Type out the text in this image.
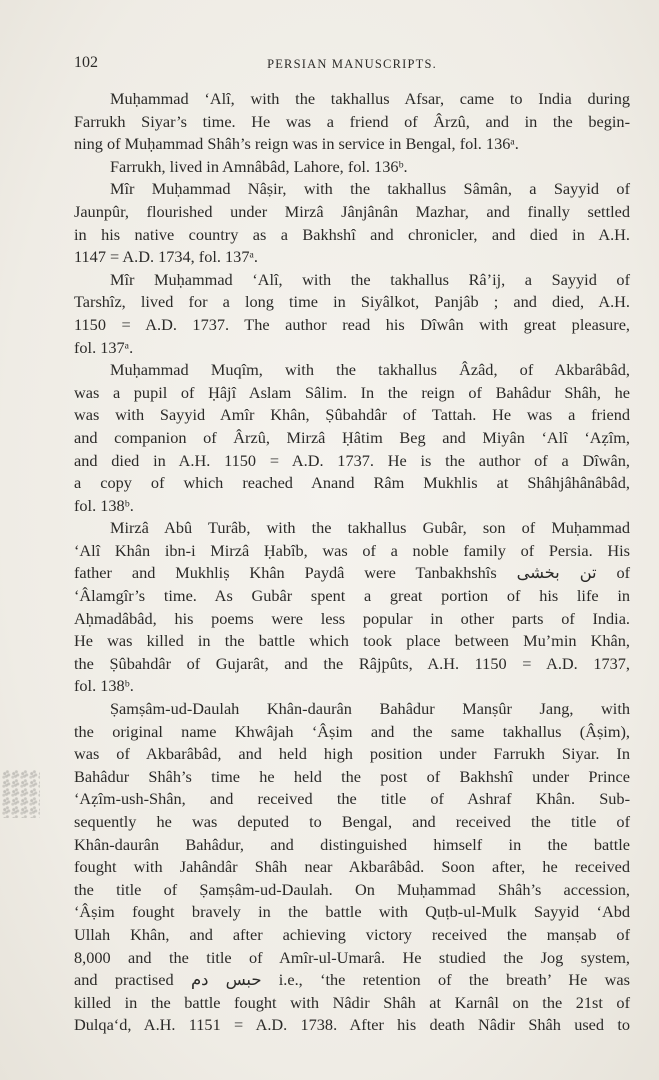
102	PERSIAN MANUSCRIPTS.
Muḥammad ‘Alî, with the takhallus Afsar, came to India during
Farrukh Siyar’s time. He was a friend of Ârzû, and in the begin-
ning of Muḥammad Shâh’s reign was in service in Bengal, fol. 136ᵃ.
Farrukh, lived in Amnâbâd, Lahore, fol. 136ᵇ.
Mîr Muḥammad Nâṣir, with the takhallus Sâmân, a Sayyid of
Jaunpûr, flourished under Mirzâ Jânjânân Mazhar, and finally settled
in his native country as a Bakhshî and chronicler, and died in A.H.
1147 = A.D. 1734, fol. 137ᵃ.
Mîr Muḥammad ‘Alî, with the takhallus Râ’ij, a Sayyid of
Tarshîz, lived for a long time in Siyâlkot, Panjâb ; and died, A.H.
1150 = A.D. 1737. The author read his Dîwân with great pleasure,
fol. 137ᵃ.
Muḥammad Muqîm, with the takhallus Âzâd, of Akbarâbâd,
was a pupil of Ḥâjî Aslam Sâlim. In the reign of Bahâdur Shâh, he
was with Sayyid Amîr Khân, Ṣûbahdâr of Tattah. He was a friend
and companion of Ârzû, Mirzâ Ḥâtim Beg and Miyân ‘Alî ‘Aẓîm,
and died in A.H. 1150 = A.D. 1737. He is the author of a Dîwân,
a copy of which reached Anand Râm Mukhlis at Shâhjâhânâbâd,
fol. 138ᵇ.
Mirzâ Abû Turâb, with the takhallus Gubâr, son of Muḥammad
‘Alî Khân ibn-i Mirzâ Ḥabîb, was of a noble family of Persia. His
father and Mukhliṣ Khân Paydâ were Tanbakhshîs تن بخشی of
‘Âlamgîr’s time. As Gubâr spent a great portion of his life in
Aḥmadâbâd, his poems were less popular in other parts of India.
He was killed in the battle which took place between Mu’min Khân,
the Ṣûbahdâr of Gujarât, and the Râjpûts, A.H. 1150 = A.D. 1737,
fol. 138ᵇ.
Ṣamṣâm-ud-Daulah Khân-daurân Bahâdur Manṣûr Jang, with
the original name Khwâjah ‘Âṣim and the same takhallus (Âṣim),
was of Akbarâbâd, and held high position under Farrukh Siyar. In
Bahâdur Shâh’s time he held the post of Bakhshî under Prince
‘Aẓîm-ush-Shân, and received the title of Ashraf Khân. Sub-
sequently he was deputed to Bengal, and received the title of
Khân-daurân Bahâdur, and distinguished himself in the battle
fought with Jahândâr Shâh near Akbarâbâd. Soon after, he received
the title of Ṣamṣâm-ud-Daulah. On Muḥammad Shâh’s accession,
‘Âṣim fought bravely in the battle with Quṭb-ul-Mulk Sayyid ‘Abd
Ullah Khân, and after achieving victory received the manṣab of
8,000 and the title of Amîr-ul-Umarâ. He studied the Jog system,
and practised حبس دم i.e., ‘the retention of the breath’ He was
killed in the battle fought with Nâdir Shâh at Karnâl on the 21st of
Dulqa‘d, A.H. 1151 = A.D. 1738. After his death Nâdir Shâh used to
